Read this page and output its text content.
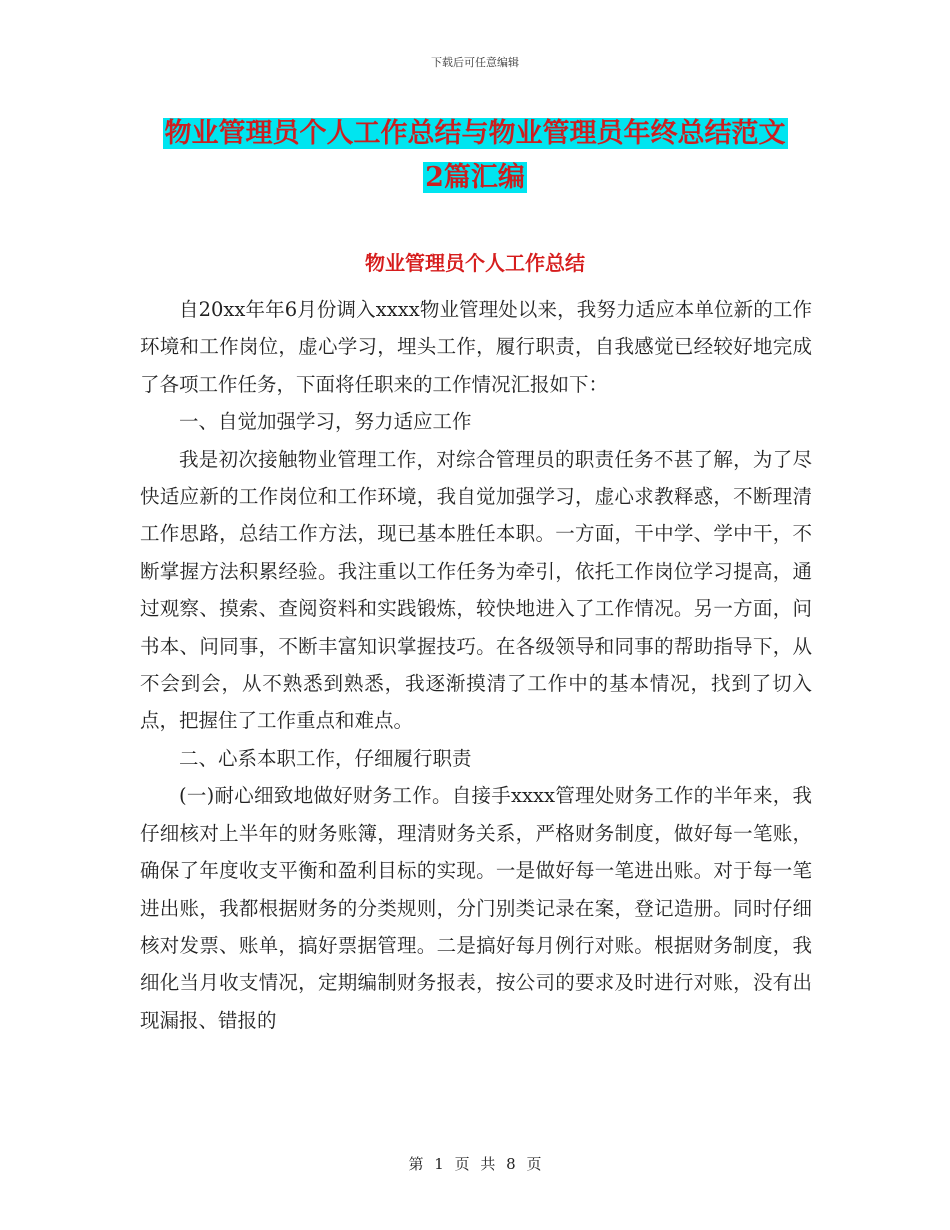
下载后可任意编辑
物业管理员个人工作总结与物业管理员年终总结范文
2篇汇编
物业管理员个人工作总结

自20xx年年6月份调入xxxx物业管理处以来，我努力适应本单位新的工作环境和工作岗位，虚心学习，埋头工作，履行职责，自我感觉已经较好地完成了各项工作任务，下面将任职来的工作情况汇报如下：

一、自觉加强学习，努力适应工作

我是初次接触物业管理工作，对综合管理员的职责任务不甚了解，为了尽快适应新的工作岗位和工作环境，我自觉加强学习，虚心求教释惑，不断理清工作思路，总结工作方法，现已基本胜任本职。一方面，干中学、学中干，不断掌握方法积累经验。我注重以工作任务为牵引，依托工作岗位学习提高，通过观察、摸索、查阅资料和实践锻炼，较快地进入了工作情况。另一方面，问书本、问同事，不断丰富知识掌握技巧。在各级领导和同事的帮助指导下，从不会到会，从不熟悉到熟悉，我逐渐摸清了工作中的基本情况，找到了切入点，把握住了工作重点和难点。

二、心系本职工作，仔细履行职责

(一)耐心细致地做好财务工作。自接手xxxx管理处财务工作的半年来，我仔细核对上半年的财务账簿，理清财务关系，严格财务制度，做好每一笔账，确保了年度收支平衡和盈利目标的实现。一是做好每一笔进出账。对于每一笔进出账，我都根据财务的分类规则，分门别类记录在案，登记造册。同时仔细核对发票、账单，搞好票据管理。二是搞好每月例行对账。根据财务制度，我细化当月收支情况，定期编制财务报表，按公司的要求及时进行对账，没有出现漏报、错报的

第 1 页 共 8 页
